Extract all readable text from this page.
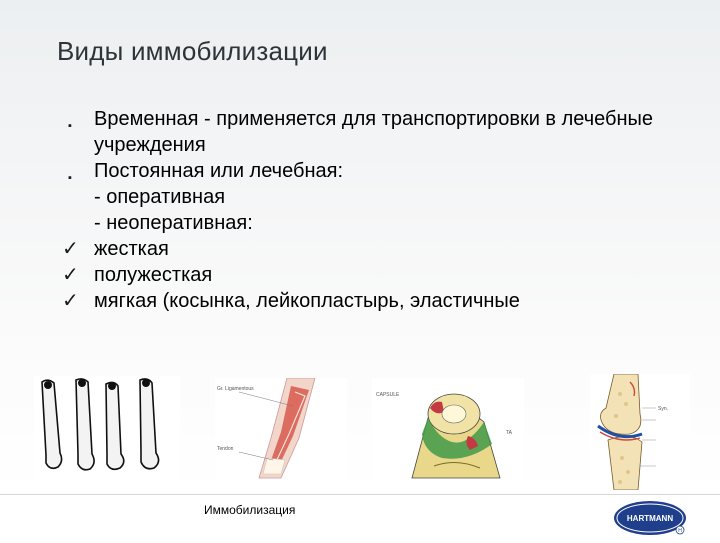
Виды иммобилизации
▪	Временная - применяется для транспортировки в лечебные учреждения
▪	Постоянная или лечебная:
- оперативная
- неоперативная:
✓ жесткая
✓ полужесткая
✓ мягкая (косынка, лейкопластырь, эластичные
Gr. Ligamentous
Tendon
CAPSULE
TA
Syn.
Иммобилизация
HARTMANN
H
